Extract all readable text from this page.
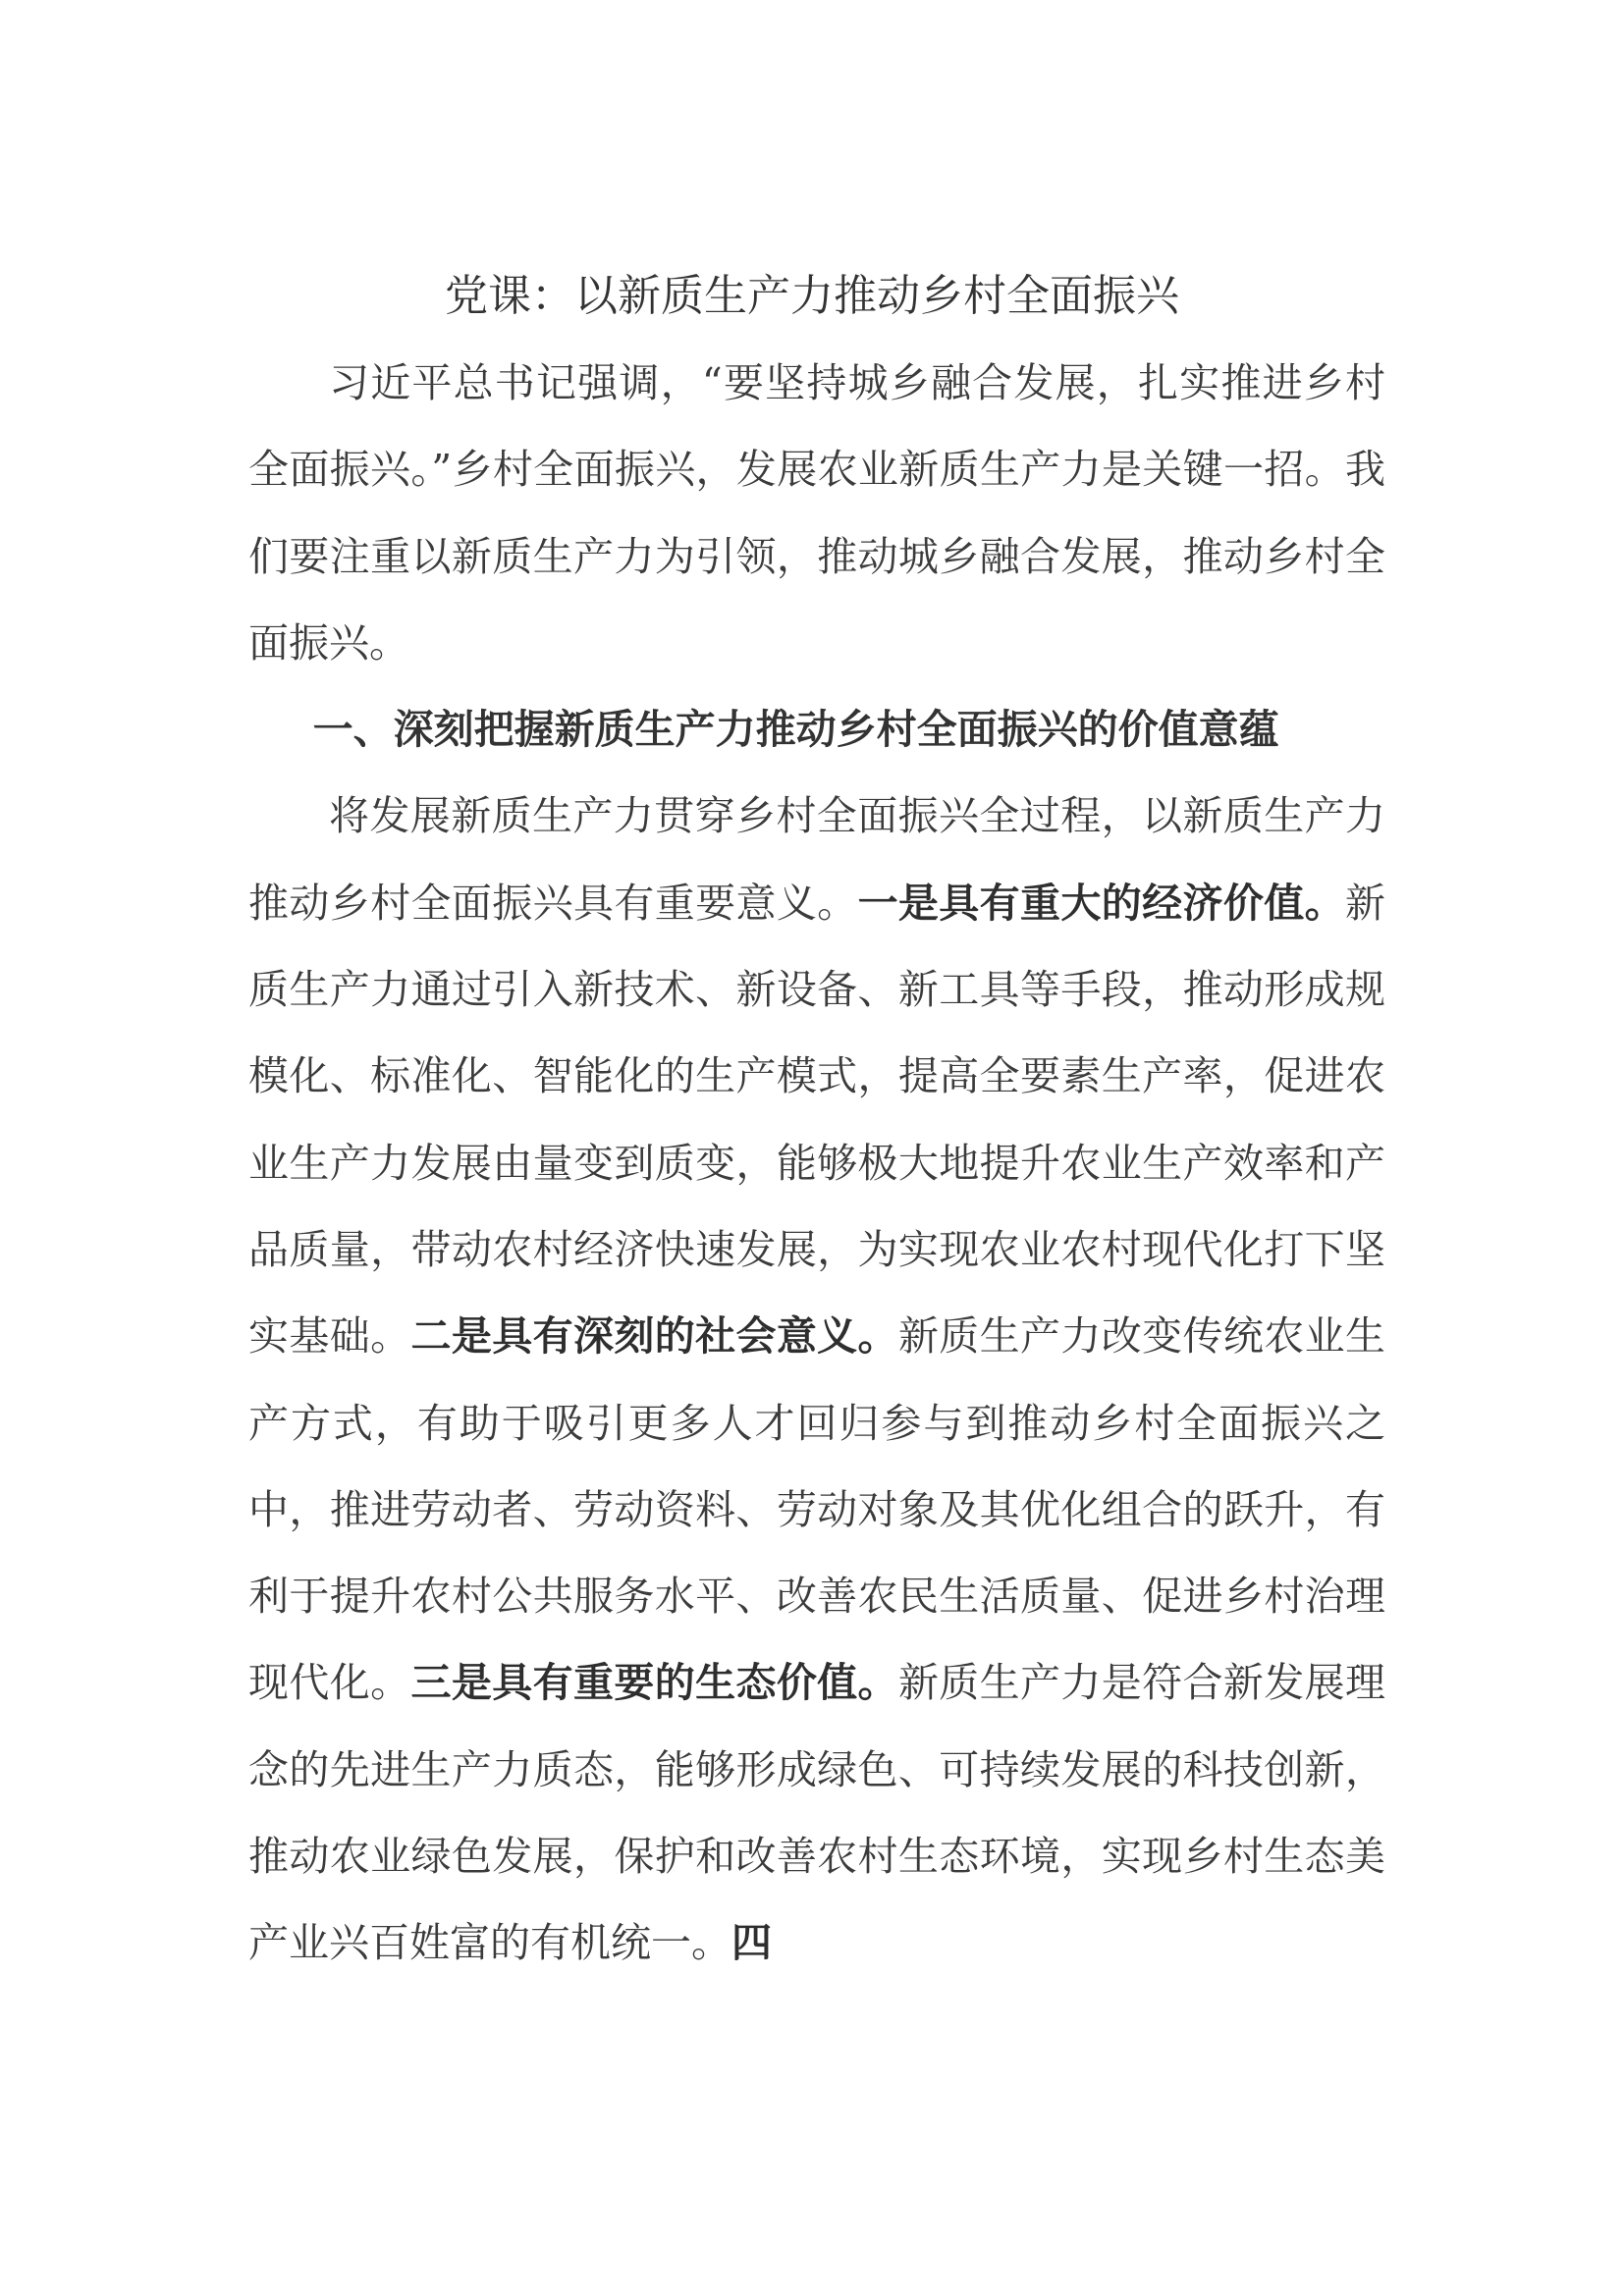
党课：以新质生产力推动乡村全面振兴

习近平总书记强调，“要坚持城乡融合发展，扎实推进乡村全面振兴。”乡村全面振兴，发展农业新质生产力是关键一招。我们要注重以新质生产力为引领，推动城乡融合发展，推动乡村全面振兴。

一、深刻把握新质生产力推动乡村全面振兴的价值意蕴

将发展新质生产力贯穿乡村全面振兴全过程，以新质生产力推动乡村全面振兴具有重要意义。一是具有重大的经济价值。新质生产力通过引入新技术、新设备、新工具等手段，推动形成规模化、标准化、智能化的生产模式，提高全要素生产率，促进农业生产力发展由量变到质变，能够极大地提升农业生产效率和产品质量，带动农村经济快速发展，为实现农业农村现代化打下坚实基础。二是具有深刻的社会意义。新质生产力改变传统农业生产方式，有助于吸引更多人才回归参与到推动乡村全面振兴之中，推进劳动者、劳动资料、劳动对象及其优化组合的跃升，有利于提升农村公共服务水平、改善农民生活质量、促进乡村治理现代化。三是具有重要的生态价值。新质生产力是符合新发展理念的先进生产力质态，能够形成绿色、可持续发展的科技创新，推动农业绿色发展，保护和改善农村生态环境，实现乡村生态美产业兴百姓富的有机统一。四
